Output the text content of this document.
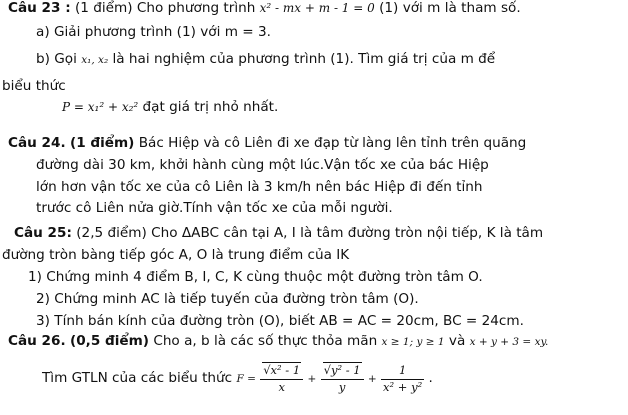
Câu 23 : (1 điểm) Cho phương trình x² - mx + m - 1 = 0 (1) với m là tham số.
a) Giải phương trình (1) với m = 3.
b) Gọi x₁, x₂ là hai nghiệm của phương trình (1). Tìm giá trị của m để
biểu thức
P = x₁² + x₂² đạt giá trị nhỏ nhất.
Câu 24. (1 điểm) Bác Hiệp và cô Liên đi xe đạp từ làng lên tỉnh trên quãng
đường dài 30 km, khởi hành cùng một lúc.Vận tốc xe của bác Hiệp
lớn hơn vận tốc xe của cô Liên là 3 km/h nên bác Hiệp đi đến tỉnh
trước cô Liên nửa giờ.Tính vận tốc xe của mỗi người.
Câu 25: (2,5 điểm) Cho ΔABC cân tại A, I là tâm đường tròn nội tiếp, K là tâm
đường tròn bàng tiếp góc A, O là trung điểm của IK
1) Chứng minh 4 điểm B, I, C, K cùng thuộc một đường tròn tâm O.
2) Chứng minh AC là tiếp tuyến của đường tròn tâm (O).
3) Tính bán kính của đường tròn (O), biết AB = AC = 20cm, BC = 24cm.
Câu 26. (0,5 điểm) Cho a, b là các số thực thỏa mãn x ≥ 1; y ≥ 1 và x + y + 3 = xy.
Tìm GTLN của các biểu thức $F = \frac{\text{√x² - 1}}{x} + \frac{\text{√y² - 1}}{y} + \frac{1}{\text{x² + y²}}$ .
